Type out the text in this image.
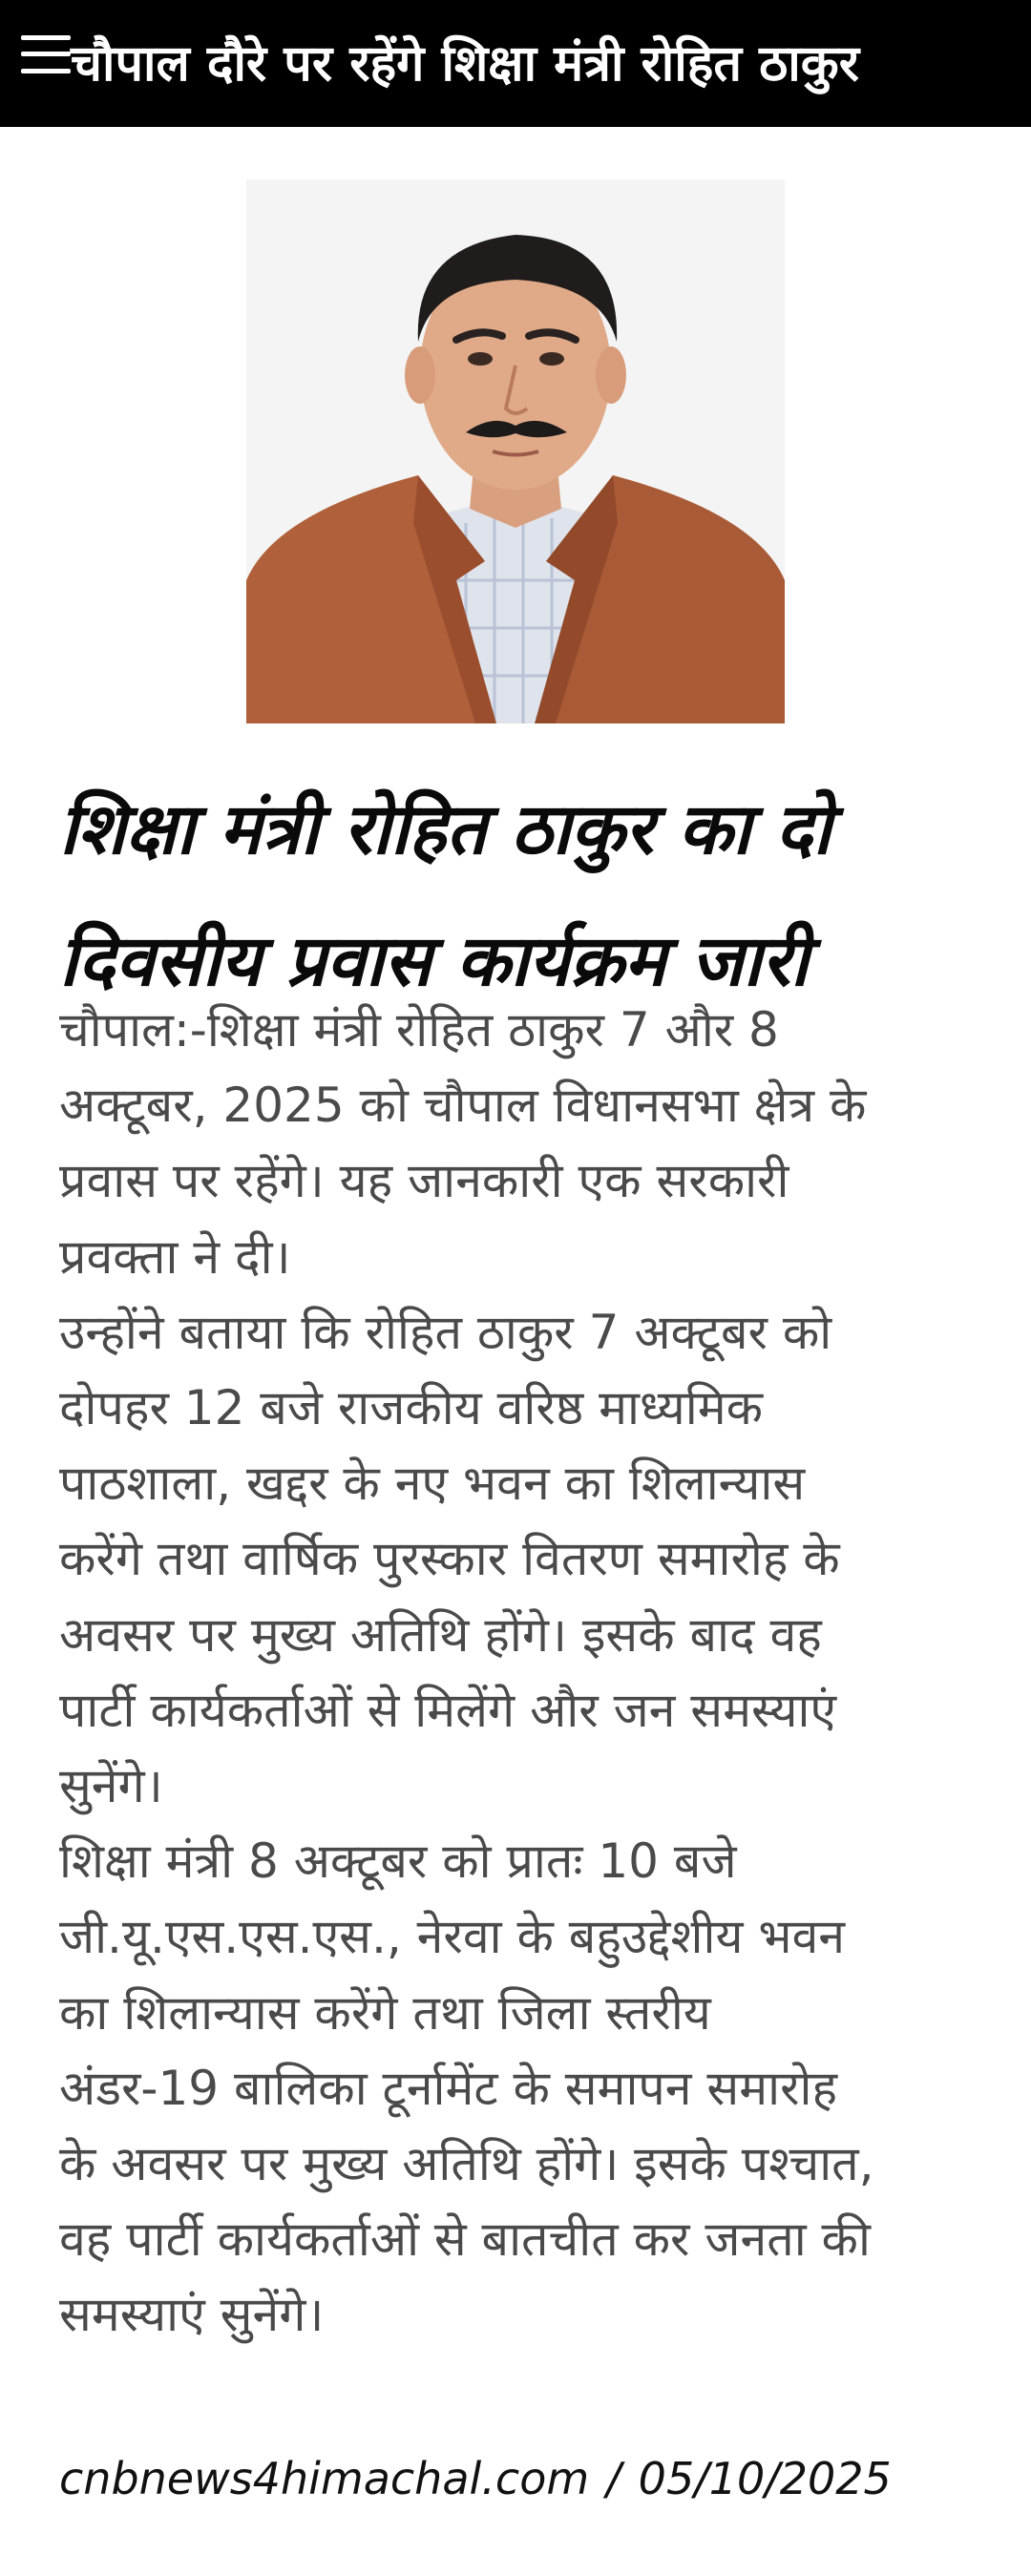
चौपाल दौरे पर रहेंगे शिक्षा मंत्री रोहित ठाकुर
शिक्षा मंत्री रोहित ठाकुर का दो
दिवसीय प्रवास कार्यक्रम जारी
चौपाल:-शिक्षा मंत्री रोहित ठाकुर 7 और 8
अक्टूबर, 2025 को चौपाल विधानसभा क्षेत्र के
प्रवास पर रहेंगे। यह जानकारी एक सरकारी
प्रवक्ता ने दी।
उन्होंने बताया कि रोहित ठाकुर 7 अक्टूबर को
दोपहर 12 बजे राजकीय वरिष्ठ माध्यमिक
पाठशाला, खद्दर के नए भवन का शिलान्यास
करेंगे तथा वार्षिक पुरस्कार वितरण समारोह के
अवसर पर मुख्य अतिथि होंगे। इसके बाद वह
पार्टी कार्यकर्ताओं से मिलेंगे और जन समस्याएं
सुनेंगे।
शिक्षा मंत्री 8 अक्टूबर को प्रातः 10 बजे
जी.यू.एस.एस.एस., नेरवा के बहुउद्देशीय भवन
का शिलान्यास करेंगे तथा जिला स्तरीय
अंडर-19 बालिका टूर्नामेंट के समापन समारोह
के अवसर पर मुख्य अतिथि होंगे। इसके पश्चात,
वह पार्टी कार्यकर्ताओं से बातचीत कर जनता की
समस्याएं सुनेंगे।
cnbnews4himachal.com / 05/10/2025
